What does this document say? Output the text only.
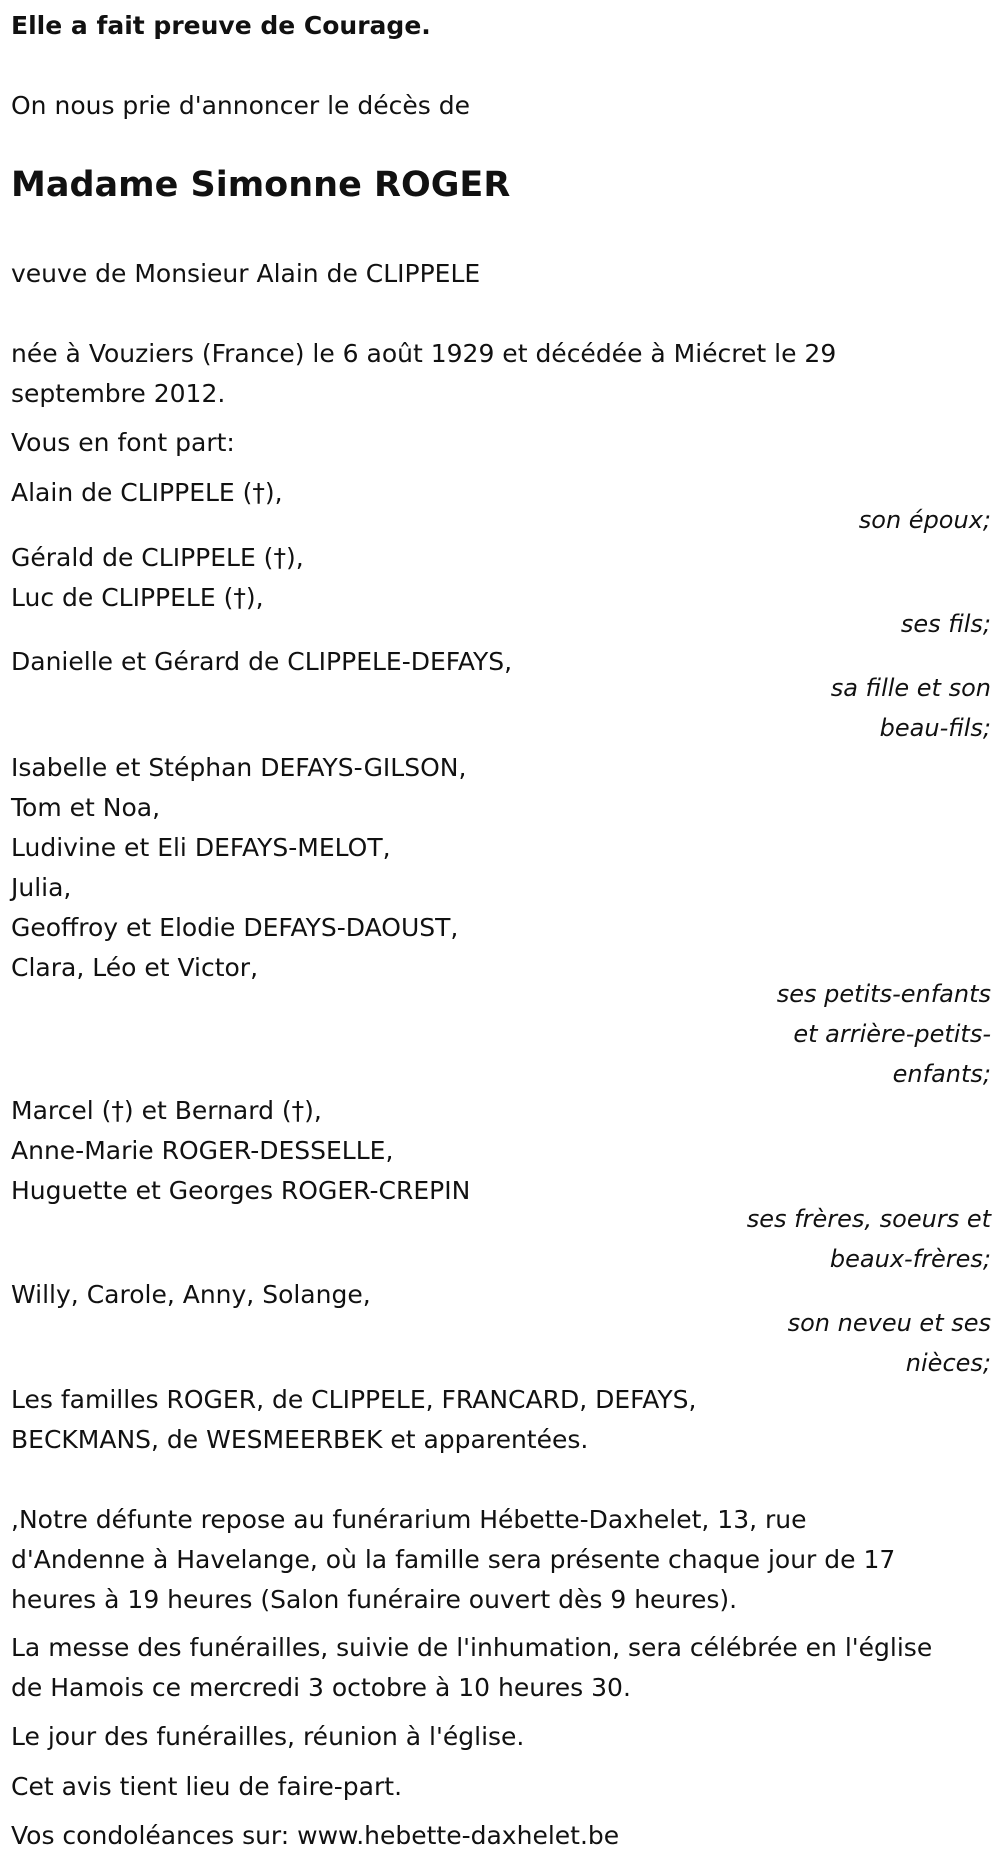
Elle a fait preuve de Courage.
On nous prie d'annoncer le décès de
Madame Simonne ROGER
veuve de Monsieur Alain de CLIPPELE
née à Vouziers (France) le 6 août 1929 et décédée à Miécret le 29
septembre 2012.
Vous en font part:
Alain de CLIPPELE (†),
son époux;
Gérald de CLIPPELE (†),
Luc de CLIPPELE (†),
ses fils;
Danielle et Gérard de CLIPPELE-DEFAYS,
sa fille et son
beau-fils;
Isabelle et Stéphan DEFAYS-GILSON,
Tom et Noa,
Ludivine et Eli DEFAYS-MELOT,
Julia,
Geoffroy et Elodie DEFAYS-DAOUST,
Clara, Léo et Victor,
ses petits-enfants
et arrière-petits-
enfants;
Marcel (†) et Bernard (†),
Anne-Marie ROGER-DESSELLE,
Huguette et Georges ROGER-CREPIN
ses frères, soeurs et
beaux-frères;
Willy, Carole, Anny, Solange,
son neveu et ses
nièces;
Les familles ROGER, de CLIPPELE, FRANCARD, DEFAYS,
BECKMANS, de WESMEERBEK et apparentées.
,Notre défunte repose au funérarium Hébette-Daxhelet, 13, rue
d'Andenne à Havelange, où la famille sera présente chaque jour de 17
heures à 19 heures (Salon funéraire ouvert dès 9 heures).
La messe des funérailles, suivie de l'inhumation, sera célébrée en l'église
de Hamois ce mercredi 3 octobre à 10 heures 30.
Le jour des funérailles, réunion à l'église.
Cet avis tient lieu de faire-part.
Vos condoléances sur: www.hebette-daxhelet.be
